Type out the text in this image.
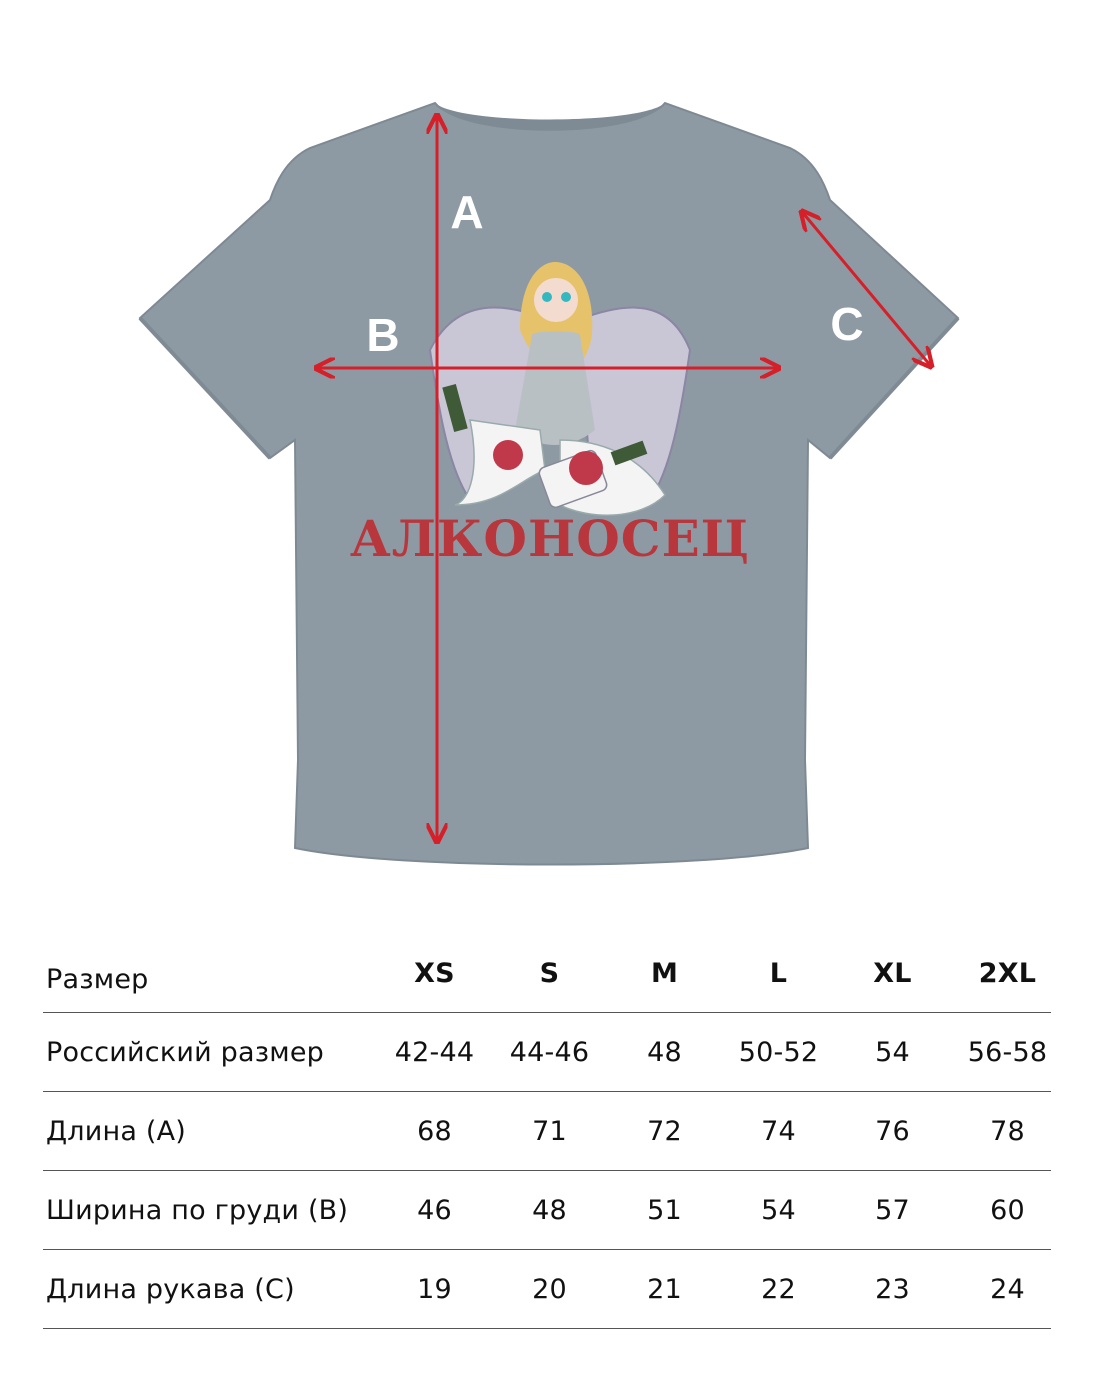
АЛКОНОСЕЦ
A
B	C
Размер	XS	S	M	L	XL	2XL
Российский размер	42-44	44-46	48	50-52	54	56-58
Длина (A)	68	71	72	74	76	78
Ширина по груди (B)	46	48	51	54	57	60
Длина рукава (C)	19	20	21	22	23	24
